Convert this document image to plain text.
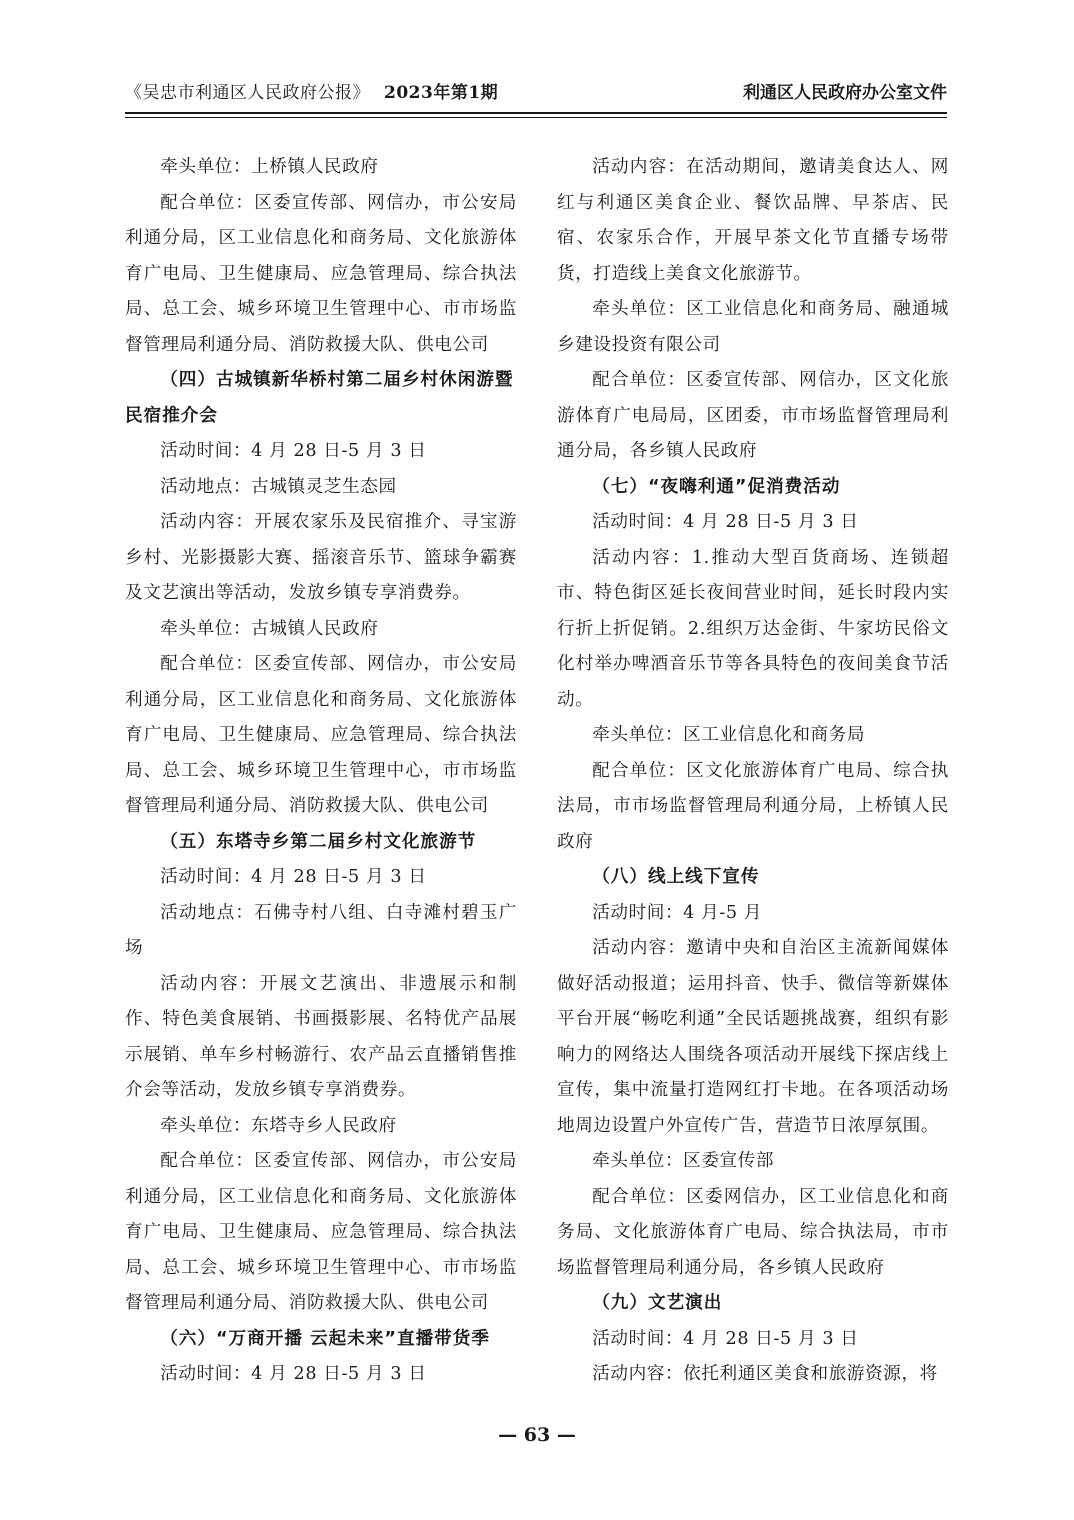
《吴忠市利通区人民政府公报》 2023年第1期	利通区人民政府办公室文件

牵头单位：上桥镇人民政府

配合单位：区委宣传部、网信办，市公安局利通分局，区工业信息化和商务局、文化旅游体育广电局、卫生健康局、应急管理局、综合执法局、总工会、城乡环境卫生管理中心、市市场监督管理局利通分局、消防救援大队、供电公司

（四）古城镇新华桥村第二届乡村休闲游暨民宿推介会

活动时间：4 月 28 日-5 月 3 日

活动地点：古城镇灵芝生态园

活动内容：开展农家乐及民宿推介、寻宝游乡村、光影摄影大赛、摇滚音乐节、篮球争霸赛及文艺演出等活动，发放乡镇专享消费券。

牵头单位：古城镇人民政府

配合单位：区委宣传部、网信办，市公安局利通分局，区工业信息化和商务局、文化旅游体育广电局、卫生健康局、应急管理局、综合执法局、总工会、城乡环境卫生管理中心，市市场监督管理局利通分局、消防救援大队、供电公司

（五）东塔寺乡第二届乡村文化旅游节

活动时间：4 月 28 日-5 月 3 日

活动地点：石佛寺村八组、白寺滩村碧玉广场

活动内容：开展文艺演出、非遗展示和制作、特色美食展销、书画摄影展、名特优产品展示展销、单车乡村畅游行、农产品云直播销售推介会等活动，发放乡镇专享消费券。

牵头单位：东塔寺乡人民政府

配合单位：区委宣传部、网信办，市公安局利通分局，区工业信息化和商务局、文化旅游体育广电局、卫生健康局、应急管理局、综合执法局、总工会、城乡环境卫生管理中心、市市场监督管理局利通分局、消防救援大队、供电公司

（六）“万商开播 云起未来”直播带货季

活动时间：4 月 28 日-5 月 3 日

活动内容：在活动期间，邀请美食达人、网红与利通区美食企业、餐饮品牌、早茶店、民宿、农家乐合作，开展早茶文化节直播专场带货，打造线上美食文化旅游节。

牵头单位：区工业信息化和商务局、融通城乡建设投资有限公司

配合单位：区委宣传部、网信办，区文化旅游体育广电局局，区团委，市市场监督管理局利通分局，各乡镇人民政府

（七）“夜嗨利通”促消费活动

活动时间：4 月 28 日-5 月 3 日

活动内容：1.推动大型百货商场、连锁超市、特色街区延长夜间营业时间，延长时段内实行折上折促销。2.组织万达金街、牛家坊民俗文化村举办啤酒音乐节等各具特色的夜间美食节活动。

牵头单位：区工业信息化和商务局

配合单位：区文化旅游体育广电局、综合执法局，市市场监督管理局利通分局，上桥镇人民政府

（八）线上线下宣传

活动时间：4 月-5 月

活动内容：邀请中央和自治区主流新闻媒体做好活动报道；运用抖音、快手、微信等新媒体平台开展“畅吃利通”全民话题挑战赛，组织有影响力的网络达人围绕各项活动开展线下探店线上宣传，集中流量打造网红打卡地。在各项活动场地周边设置户外宣传广告，营造节日浓厚氛围。

牵头单位：区委宣传部

配合单位：区委网信办，区工业信息化和商务局、文化旅游体育广电局、综合执法局，市市场监督管理局利通分局，各乡镇人民政府

（九）文艺演出

活动时间：4 月 28 日-5 月 3 日

活动内容：依托利通区美食和旅游资源，将

— 63 —
